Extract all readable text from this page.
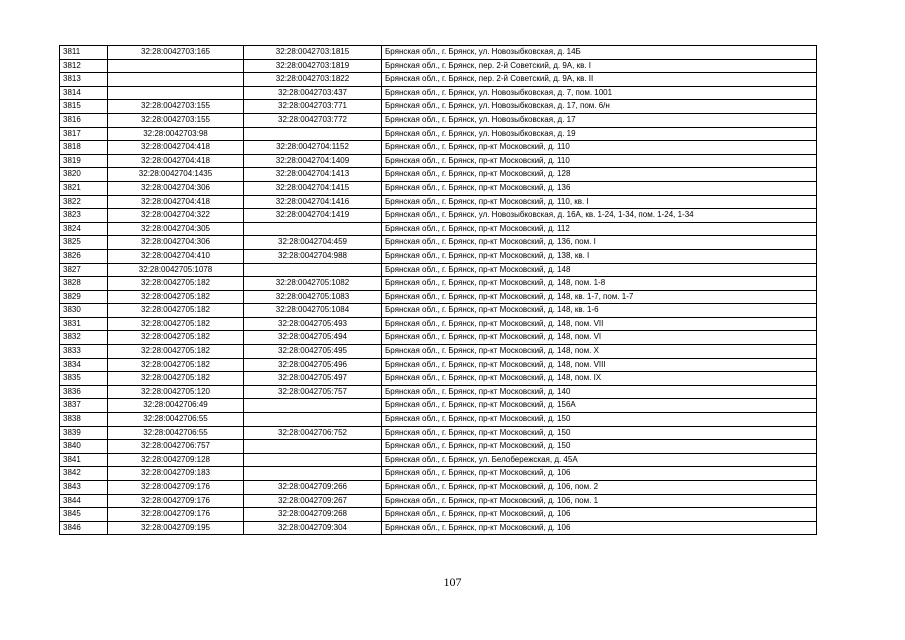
3811	32:28:0042703:165	32:28:0042703:1815	Брянская обл., г. Брянск, ул. Новозыбковская, д. 14Б
3812		32:28:0042703:1819	Брянская обл., г. Брянск, пер. 2-й Советский, д. 9А, кв. I
3813		32:28:0042703:1822	Брянская обл., г. Брянск, пер. 2-й Советский, д. 9А, кв. II
3814		32:28:0042703:437	Брянская обл., г. Брянск, ул. Новозыбковская, д. 7, пом. 1001
3815	32:28:0042703:155	32:28:0042703:771	Брянская обл., г. Брянск, ул. Новозыбковская, д. 17, пом. 6/н
3816	32:28:0042703:155	32:28:0042703:772	Брянская обл., г. Брянск, ул. Новозыбковская, д. 17
3817	32:28:0042703:98		Брянская обл., г. Брянск, ул. Новозыбковская, д. 19
3818	32:28:0042704:418	32:28:0042704:1152	Брянская обл., г. Брянск, пр-кт Московский, д. 110
3819	32:28:0042704:418	32:28:0042704:1409	Брянская обл., г. Брянск, пр-кт Московский, д. 110
3820	32:28:0042704:1435	32:28:0042704:1413	Брянская обл., г. Брянск, пр-кт Московский, д. 128
3821	32:28:0042704:306	32:28:0042704:1415	Брянская обл., г. Брянск, пр-кт Московский, д. 136
3822	32:28:0042704:418	32:28:0042704:1416	Брянская обл., г. Брянск, пр-кт Московский, д. 110, кв. I
3823	32:28:0042704:322	32:28:0042704:1419	Брянская обл., г. Брянск, ул. Новозыбковская, д. 16А, кв. 1-24, 1-34, пом. 1-24, 1-34
3824	32:28:0042704:305		Брянская обл., г. Брянск, пр-кт Московский, д. 112
3825	32:28:0042704:306	32:28:0042704:459	Брянская обл., г. Брянск, пр-кт Московский, д. 136, пом. I
3826	32:28:0042704:410	32:28:0042704:988	Брянская обл., г. Брянск, пр-кт Московский, д. 138, кв. I
3827	32:28:0042705:1078		Брянская обл., г. Брянск, пр-кт Московский, д. 148
3828	32:28:0042705:182	32:28:0042705:1082	Брянская обл., г. Брянск, пр-кт Московский, д. 148, пом. 1-8
3829	32:28:0042705:182	32:28:0042705:1083	Брянская обл., г. Брянск, пр-кт Московский, д. 148, кв. 1-7, пом. 1-7
3830	32:28:0042705:182	32:28:0042705:1084	Брянская обл., г. Брянск, пр-кт Московский, д. 148, кв. 1-6
3831	32:28:0042705:182	32:28:0042705:493	Брянская обл., г. Брянск, пр-кт Московский, д. 148, пом. VII
3832	32:28:0042705:182	32:28:0042705:494	Брянская обл., г. Брянск, пр-кт Московский, д. 148, пом. VI
3833	32:28:0042705:182	32:28:0042705:495	Брянская обл., г. Брянск, пр-кт Московский, д. 148, пом. X
3834	32:28:0042705:182	32:28:0042705:496	Брянская обл., г. Брянск, пр-кт Московский, д. 148, пом. VIII
3835	32:28:0042705:182	32:28:0042705:497	Брянская обл., г. Брянск, пр-кт Московский, д. 148, пом. IX
3836	32:28:0042705:120	32:28:0042705:757	Брянская обл., г. Брянск, пр-кт Московский, д. 140
3837	32:28:0042706:49		Брянская обл., г. Брянск, пр-кт Московский, д. 156А
3838	32:28:0042706:55		Брянская обл., г. Брянск, пр-кт Московский, д. 150
3839	32:28:0042706:55	32:28:0042706:752	Брянская обл., г. Брянск, пр-кт Московский, д. 150
3840	32:28:0042706:757		Брянская обл., г. Брянск, пр-кт Московский, д. 150
3841	32:28:0042709:128		Брянская обл., г. Брянск, ул. Белобережская, д. 45А
3842	32:28:0042709:183		Брянская обл., г. Брянск, пр-кт Московский, д. 106
3843	32:28:0042709:176	32:28:0042709:266	Брянская обл., г. Брянск, пр-кт Московский, д. 106, пом. 2
3844	32:28:0042709:176	32:28:0042709:267	Брянская обл., г. Брянск, пр-кт Московский, д. 106, пом. 1
3845	32:28:0042709:176	32:28:0042709:268	Брянская обл., г. Брянск, пр-кт Московский, д. 106
3846	32:28:0042709:195	32:28:0042709:304	Брянская обл., г. Брянск, пр-кт Московский, д. 106
107
